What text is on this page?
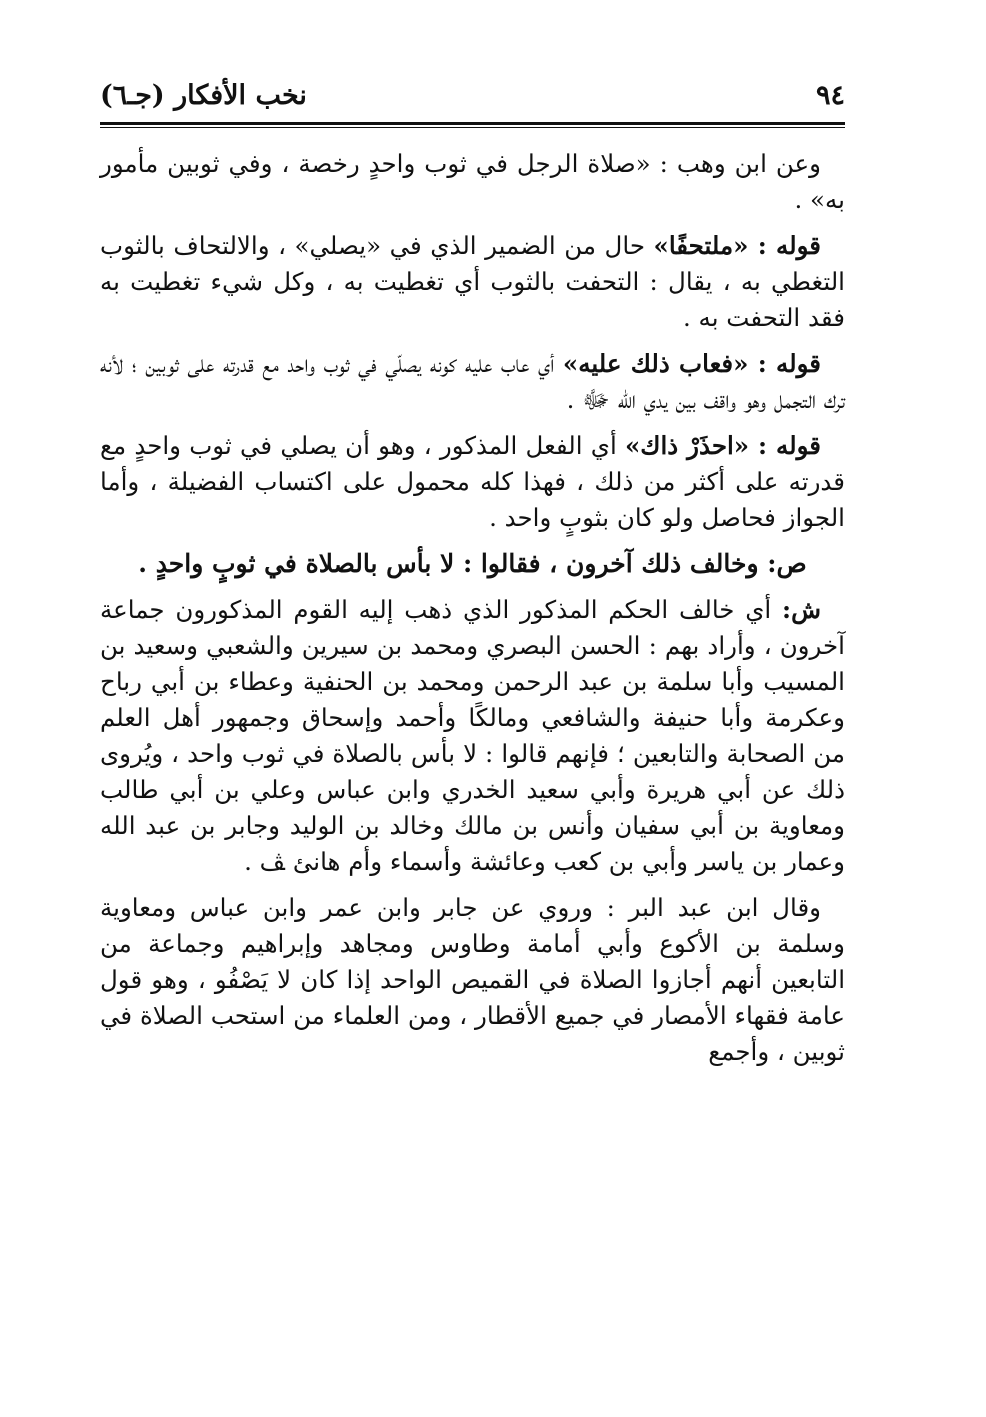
٩٤
نخب الأفكار (جـ٦)

وعن ابن وهب : «صلاة الرجل في ثوب واحدٍ رخصة ، وفي ثوبين مأمور به» .

قوله : «ملتحفًا» حال من الضمير الذي في «يصلي» ، والالتحاف بالثوب التغطي به ، يقال : التحفت بالثوب أي تغطيت به ، وكل شيء تغطيت به فقد التحفت به .

قوله : «فعاب ذلك عليه» أي عاب عليه كونه يصلّي في ثوب واحد مع قدرته على ثوبين ؛ لأنه ترك التجمل وهو واقف بين يدي الله ﷻ .

قوله : «احذَرْ ذاك» أي الفعل المذكور ، وهو أن يصلي في ثوب واحدٍ مع قدرته على أكثر من ذلك ، فهذا كله محمول على اكتساب الفضيلة ، وأما الجواز فحاصل ولو كان بثوبٍ واحد .

ص: وخالف ذلك آخرون ، فقالوا : لا بأس بالصلاة في ثوبٍ واحدٍ .

ش: أي خالف الحكم المذكور الذي ذهب إليه القوم المذكورون جماعة آخرون ، وأراد بهم : الحسن البصري ومحمد بن سيرين والشعبي وسعيد بن المسيب وأبا سلمة بن عبد الرحمن ومحمد بن الحنفية وعطاء بن أبي رباح وعكرمة وأبا حنيفة والشافعي ومالكًا وأحمد وإسحاق وجمهور أهل العلم من الصحابة والتابعين ؛ فإنهم قالوا : لا بأس بالصلاة في ثوب واحد ، ويُروى ذلك عن أبي هريرة وأبي سعيد الخدري وابن عباس وعلي بن أبي طالب ومعاوية بن أبي سفيان وأنس بن مالك وخالد بن الوليد وجابر بن عبد الله وعمار بن ياسر وأبي بن كعب وعائشة وأسماء وأم هانئ ﭫ .

وقال ابن عبد البر : وروي عن جابر وابن عمر وابن عباس ومعاوية وسلمة بن الأكوع وأبي أمامة وطاوس ومجاهد وإبراهيم وجماعة من التابعين أنهم أجازوا الصلاة في القميص الواحد إذا كان لا يَصْفُو ، وهو قول عامة فقهاء الأمصار في جميع الأقطار ، ومن العلماء من استحب الصلاة في ثوبين ، وأجمع
